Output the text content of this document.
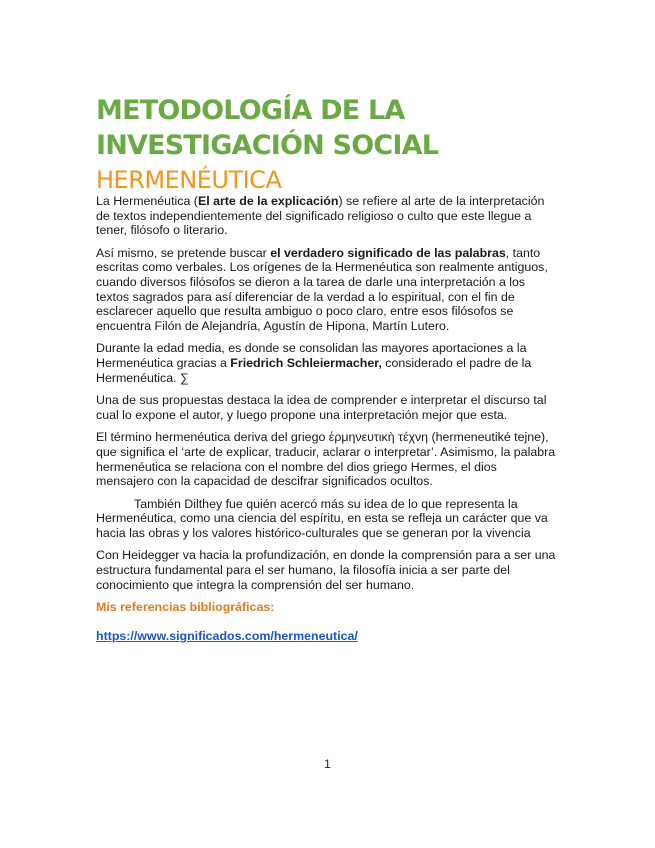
METODOLOGÍA DE LA INVESTIGACIÓN SOCIAL
HERMENÉUTICA

La Hermenéutica (El arte de la explicación) se refiere al arte de la interpretación de textos independientemente del significado religioso o culto que este llegue a tener, filósofo o literario.

Así mismo, se pretende buscar el verdadero significado de las palabras, tanto escritas como verbales. Los orígenes de la Hermenéutica son realmente antiguos, cuando diversos filósofos se dieron a la tarea de darle una interpretación a los textos sagrados para así diferenciar de la verdad a lo espiritual, con el fin de esclarecer aquello que resulta ambiguo o poco claro, entre esos filósofos se encuentra Filón de Alejandría, Agustín de Hipona, Martín Lutero.

Durante la edad media, es donde se consolidan las mayores aportaciones a la Hermenéutica gracias a Friedrich Schleiermacher, considerado el padre de la Hermenéutica. ∑

Una de sus propuestas destaca la idea de comprender e interpretar el discurso tal cual lo expone el autor, y luego propone una interpretación mejor que esta.

El término hermenéutica deriva del griego ἑρμηνευτικὴ τέχνη (hermeneutiké tejne), que significa el ‘arte de explicar, traducir, aclarar o interpretar’. Asimismo, la palabra hermenéutica se relaciona con el nombre del dios griego Hermes, el dios mensajero con la capacidad de descifrar significados ocultos.

También Dilthey fue quién acercó más su idea de lo que representa la Hermenéutica, como una ciencia del espíritu, en esta se refleja un carácter que va hacia las obras y los valores histórico-culturales que se generan por la vivencia

Con Heidegger va hacia la profundización, en donde la comprensión para a ser una estructura fundamental para el ser humano, la filosofía inicia a ser parte del conocimiento que integra la comprensión del ser humano.

Mis referencias bibliográficas:
https://www.significados.com/hermeneutica/
1
